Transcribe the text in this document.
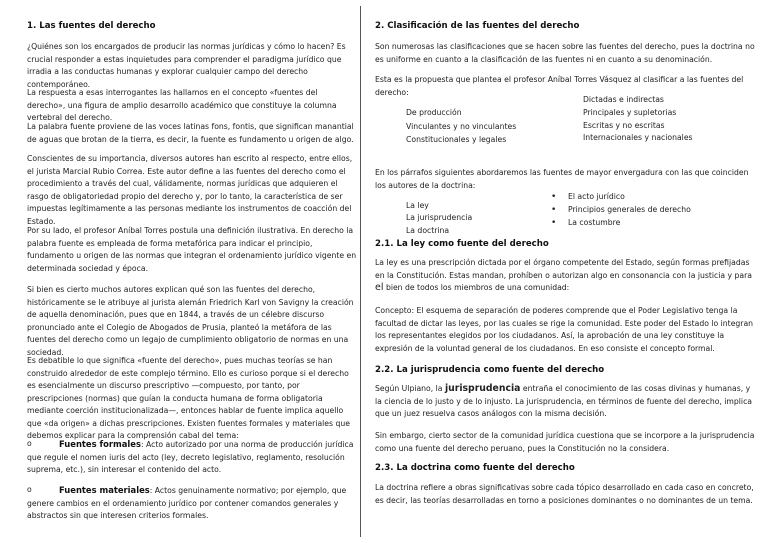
1. Las fuentes del derecho

¿Quiénes son los encargados de producir las normas jurídicas y cómo lo hacen? Es crucial responder a estas inquietudes para comprender el paradigma jurídico que irradia a las conductas humanas y explorar cualquier campo del derecho contemporáneo.

La respuesta a esas interrogantes las hallamos en el concepto «fuentes del derecho», una figura de amplio desarrollo académico que constituye la columna vertebral del derecho.

La palabra fuente proviene de las voces latinas fons, fontis, que significan manantial de aguas que brotan de la tierra, es decir, la fuente es fundamento u origen de algo.

Conscientes de su importancia, diversos autores han escrito al respecto, entre ellos, el jurista Marcial Rubio Correa. Este autor define a las fuentes del derecho como el procedimiento a través del cual, válidamente, normas jurídicas que adquieren el rasgo de obligatoriedad propio del derecho y, por lo tanto, la característica de ser impuestas legítimamente a las personas mediante los instrumentos de coacción del Estado.

Por su lado, el profesor Aníbal Torres postula una definición ilustrativa. En derecho la palabra fuente es empleada de forma metafórica para indicar el principio, fundamento u origen de las normas que integran el ordenamiento jurídico vigente en determinada sociedad y época.

Si bien es cierto muchos autores explican qué son las fuentes del derecho, históricamente se le atribuye al jurista alemán Friedrich Karl von Savigny la creación de aquella denominación, pues que en 1844, a través de un célebre discurso pronunciado ante el Colegio de Abogados de Prusia, planteó la metáfora de las fuentes del derecho como un legajo de cumplimiento obligatorio de normas en una sociedad.

Es debatible lo que significa «fuente del derecho», pues muchas teorías se han construido alrededor de este complejo término. Ello es curioso porque si el derecho es esencialmente un discurso prescriptivo —compuesto, por tanto, por prescripciones (normas) que guían la conducta humana de forma obligatoria mediante coerción institucionalizada—, entonces hablar de fuente implica aquello que «da origen» a dichas prescripciones. Existen fuentes formales y materiales que debemos explicar para la comprensión cabal del tema:

o	Fuentes formales: Acto autorizado por una norma de producción jurídica que regule el nomen iuris del acto (ley, decreto legislativo, reglamento, resolución suprema, etc.), sin interesar el contenido del acto.

o	Fuentes materiales: Actos genuinamente normativo; por ejemplo, que genere cambios en el ordenamiento jurídico por contener comandos generales y abstractos sin que interesen criterios formales.

2. Clasificación de las fuentes del derecho

Son numerosas las clasificaciones que se hacen sobre las fuentes del derecho, pues la doctrina no es uniforme en cuanto a la clasificación de las fuentes ni en cuanto a su denominación.

Esta es la propuesta que plantea el profesor Aníbal Torres Vásquez al clasificar a las fuentes del derecho:

De producción

Vinculantes y no vinculantes

Constitucionales y legales

Dictadas e indirectas

Principales y supletorias

Escritas y no escritas

Internacionales y nacionales

En los párrafos siguientes abordaremos las fuentes de mayor envergadura con las que coinciden los autores de la doctrina:

La ley

La jurisprudencia

La doctrina

•	El acto jurídico

•	Principios generales de derecho

•	La costumbre

2.1. La ley como fuente del derecho

La ley es una prescripción dictada por el órgano competente del Estado, según formas prefijadas en la Constitución. Estas mandan, prohíben o autorizan algo en consonancia con la justicia y para el bien de todos los miembros de una comunidad:

Concepto: El esquema de separación de poderes comprende que el Poder Legislativo tenga la facultad de dictar las leyes, por las cuales se rige la comunidad. Este poder del Estado lo integran los representantes elegidos por los ciudadanos. Así, la aprobación de una ley constituye la expresión de la voluntad general de los ciudadanos. En eso consiste el concepto formal.

2.2. La jurisprudencia como fuente del derecho

Según Ulpiano, la jurisprudencia entraña el conocimiento de las cosas divinas y humanas, y la ciencia de lo justo y de lo injusto. La jurisprudencia, en términos de fuente del derecho, implica que un juez resuelva casos análogos con la misma decisión.

Sin embargo, cierto sector de la comunidad jurídica cuestiona que se incorpore a la jurisprudencia como una fuente del derecho peruano, pues la Constitución no la considera.

2.3. La doctrina como fuente del derecho

La doctrina refiere a obras significativas sobre cada tópico desarrollado en cada caso en concreto, es decir, las teorías desarrolladas en torno a posiciones dominantes o no dominantes de un tema.
